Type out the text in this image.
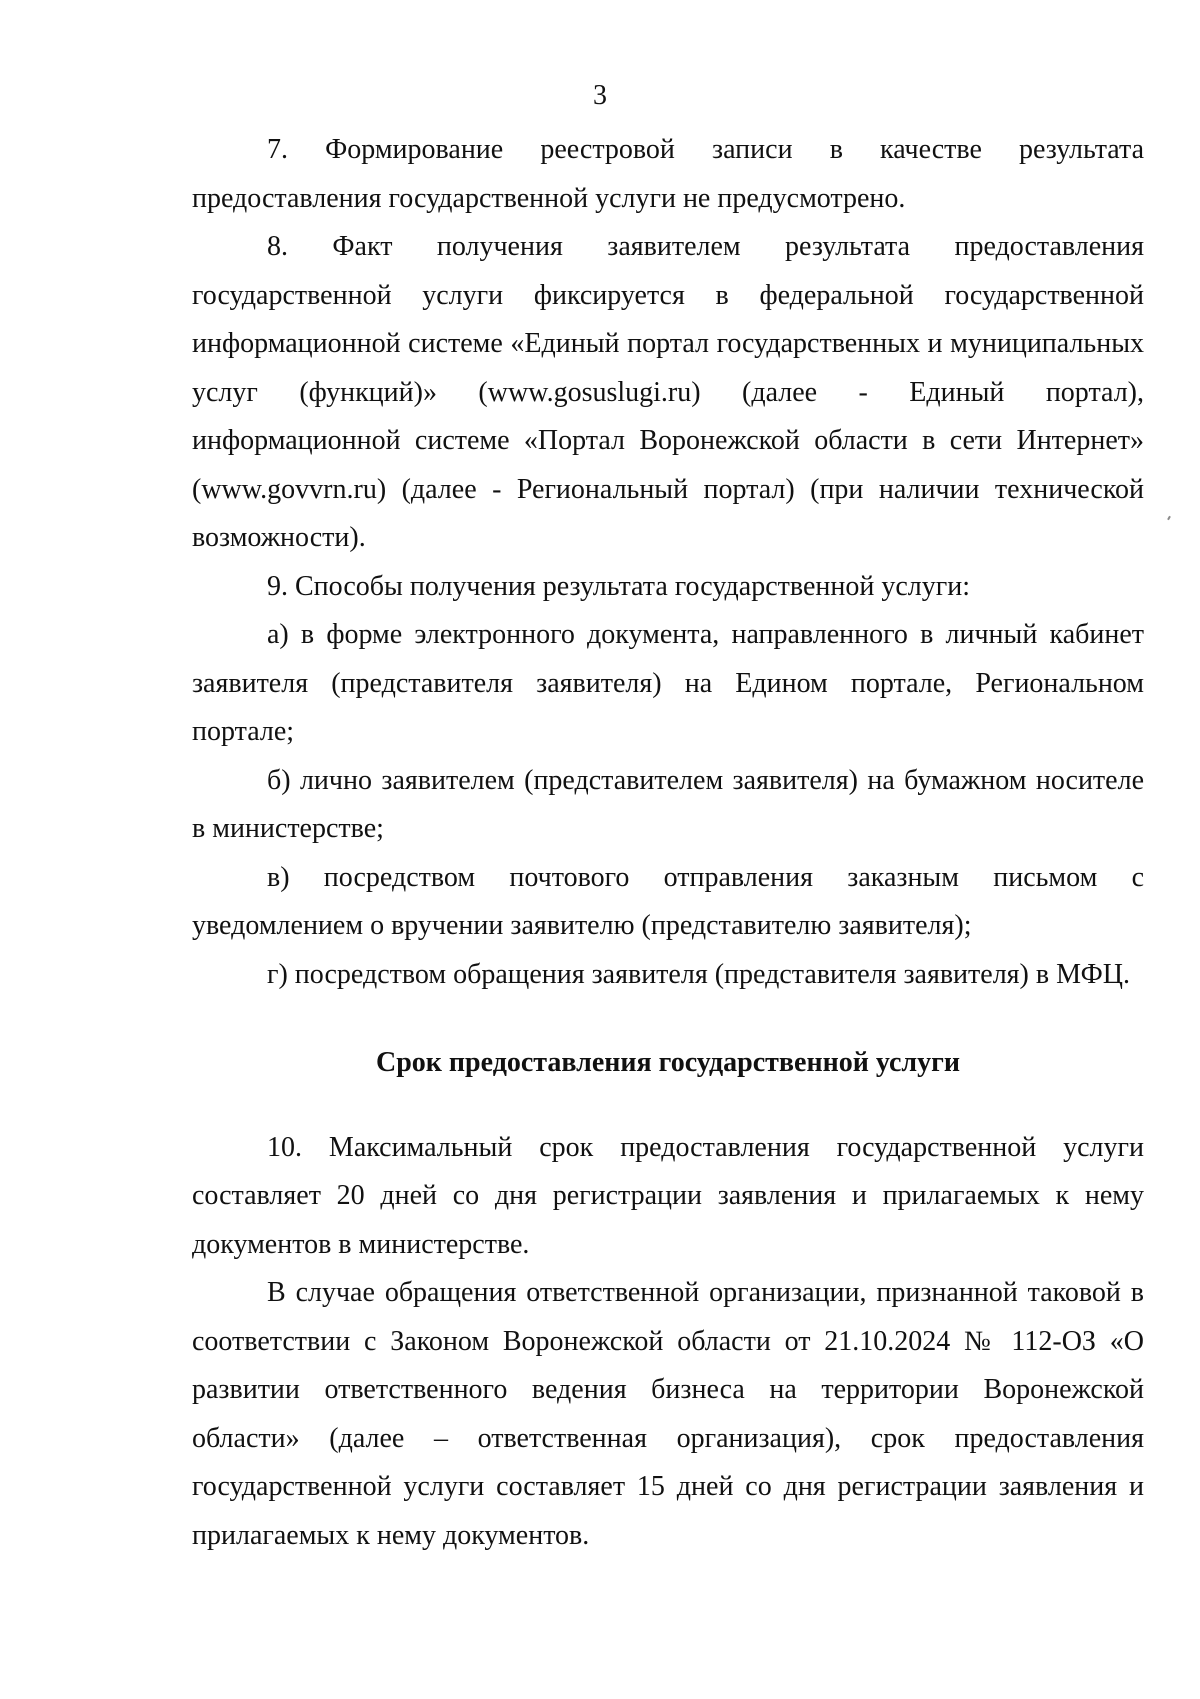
3

7. Формирование реестровой записи в качестве результата предоставления государственной услуги не предусмотрено.

8. Факт получения заявителем результата предоставления государственной услуги фиксируется в федеральной государственной информационной системе «Единый портал государственных и муниципальных услуг (функций)» (www.gosuslugi.ru) (далее - Единый портал), информационной системе «Портал Воронежской области в сети Интернет» (www.govvrn.ru) (далее - Региональный портал) (при наличии технической возможности).

9. Способы получения результата государственной услуги:

а) в форме электронного документа, направленного в личный кабинет заявителя (представителя заявителя) на Едином портале, Региональном портале;

б) лично заявителем (представителем заявителя) на бумажном носителе в министерстве;

в) посредством почтового отправления заказным письмом с уведомлением о вручении заявителю (представителю заявителя);

г) посредством обращения заявителя (представителя заявителя) в МФЦ.

Срок предоставления государственной услуги

10. Максимальный срок предоставления государственной услуги составляет 20 дней со дня регистрации заявления и прилагаемых к нему документов в министерстве.

В случае обращения ответственной организации, признанной таковой в соответствии с Законом Воронежской области от 21.10.2024 № 112-ОЗ «О развитии ответственного ведения бизнеса на территории Воронежской области» (далее – ответственная организация), срок предоставления государственной услуги составляет 15 дней со дня регистрации заявления и прилагаемых к нему документов.
